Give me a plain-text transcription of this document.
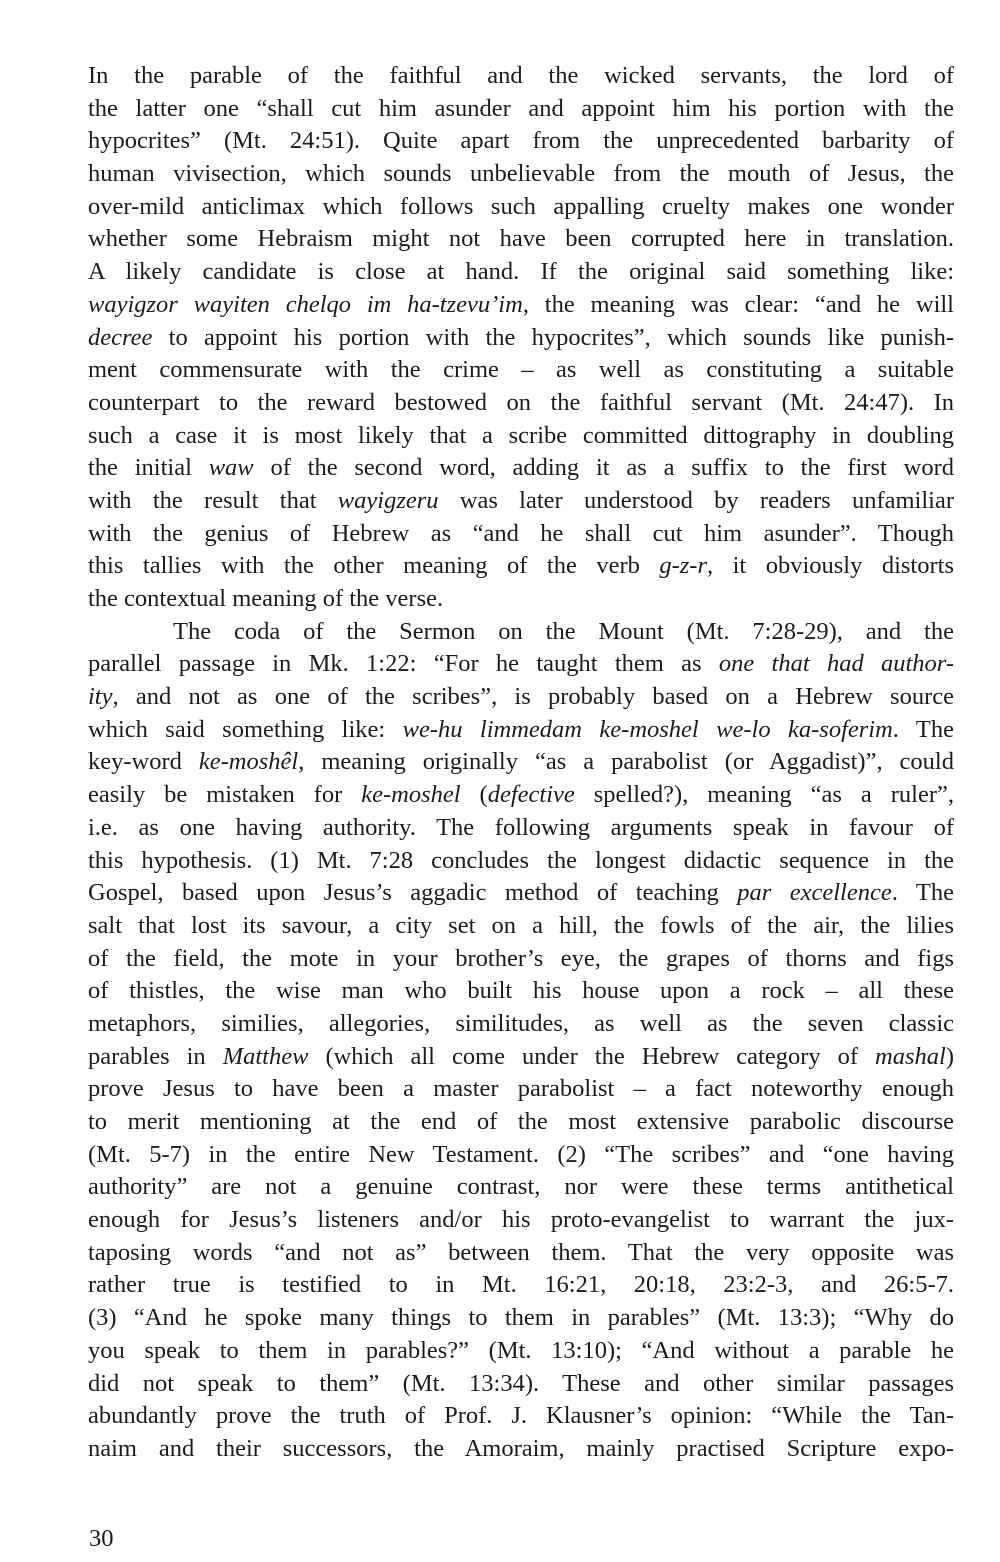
In the parable of the faithful and the wicked servants, the lord of
the latter one “shall cut him asunder and appoint him his portion with the
hypocrites” (Mt. 24:51). Quite apart from the unprecedented barbarity of
human vivisection, which sounds unbelievable from the mouth of Jesus, the
over-mild anticlimax which follows such appalling cruelty makes one wonder
whether some Hebraism might not have been corrupted here in translation.
A likely candidate is close at hand. If the original said something like:
wayigzor wayiten chelqo im ha-tzevu’im, the meaning was clear: “and he will
decree to appoint his portion with the hypocrites”, which sounds like punish-
ment commensurate with the crime – as well as constituting a suitable
counterpart to the reward bestowed on the faithful servant (Mt. 24:47). In
such a case it is most likely that a scribe committed dittography in doubling
the initial waw of the second word, adding it as a suffix to the first word
with the result that wayigzeru was later understood by readers unfamiliar
with the genius of Hebrew as “and he shall cut him asunder”. Though
this tallies with the other meaning of the verb g-z-r, it obviously distorts
the contextual meaning of the verse.
The coda of the Sermon on the Mount (Mt. 7:28-29), and the
parallel passage in Mk. 1:22: “For he taught them as one that had author-
ity, and not as one of the scribes”, is probably based on a Hebrew source
which said something like: we-hu limmedam ke-moshel we-lo ka-soferim. The
key-word ke-moshêl, meaning originally “as a parabolist (or Aggadist)”, could
easily be mistaken for ke-moshel (defective spelled?), meaning “as a ruler”,
i.e. as one having authority. The following arguments speak in favour of
this hypothesis. (1) Mt. 7:28 concludes the longest didactic sequence in the
Gospel, based upon Jesus’s aggadic method of teaching par excellence. The
salt that lost its savour, a city set on a hill, the fowls of the air, the lilies
of the field, the mote in your brother’s eye, the grapes of thorns and figs
of thistles, the wise man who built his house upon a rock – all these
metaphors, similies, allegories, similitudes, as well as the seven classic
parables in Matthew (which all come under the Hebrew category of mashal)
prove Jesus to have been a master parabolist – a fact noteworthy enough
to merit mentioning at the end of the most extensive parabolic discourse
(Mt. 5-7) in the entire New Testament. (2) “The scribes” and “one having
authority” are not a genuine contrast, nor were these terms antithetical
enough for Jesus’s listeners and/or his proto-evangelist to warrant the jux-
taposing words “and not as” between them. That the very opposite was
rather true is testified to in Mt. 16:21, 20:18, 23:2-3, and 26:5-7.
(3) “And he spoke many things to them in parables” (Mt. 13:3); “Why do
you speak to them in parables?” (Mt. 13:10); “And without a parable he
did not speak to them” (Mt. 13:34). These and other similar passages
abundantly prove the truth of Prof. J. Klausner’s opinion: “While the Tan-
naim and their successors, the Amoraim, mainly practised Scripture expo-
30
